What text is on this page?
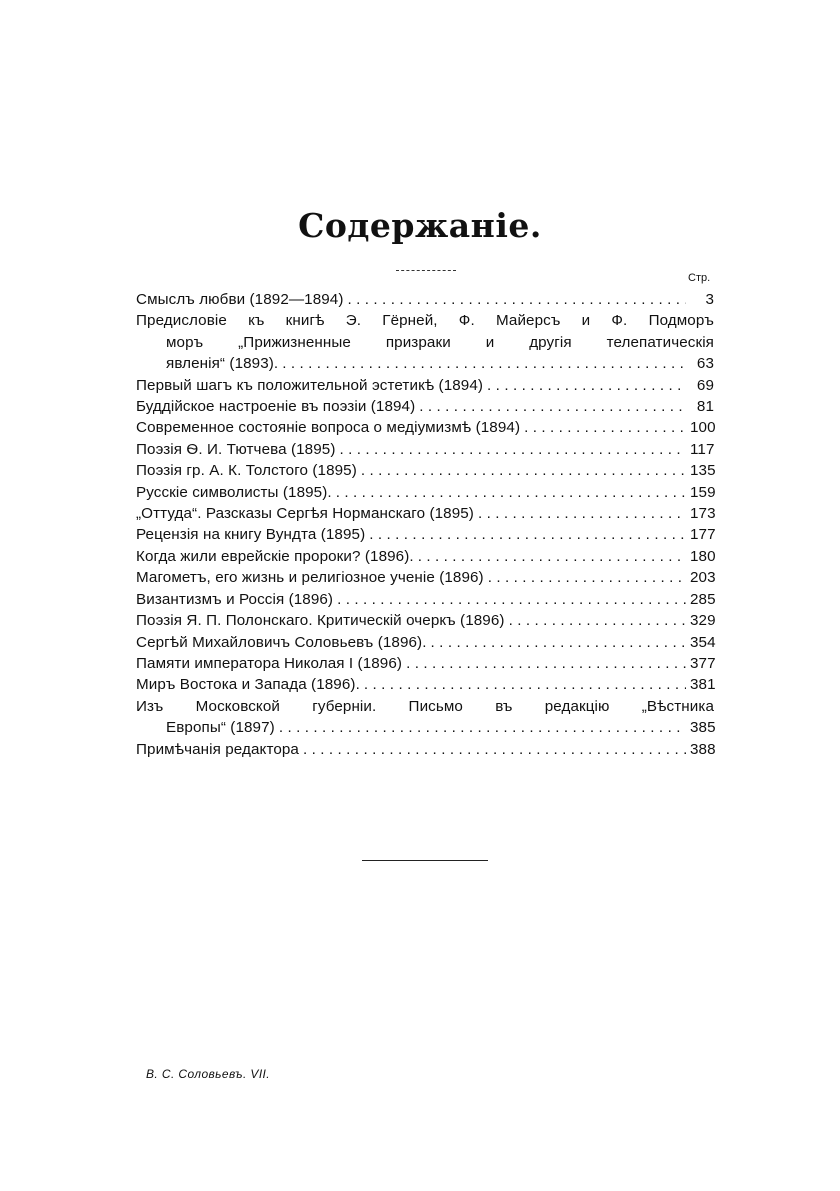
Содержаніе.
Стр.
Смыслъ любви (1892—1894) . . .	3
Предисловіе къ книгѣ Э. Гёрней, Ф. Майерсъ и Ф. Подморъ
моръ „Прижизненные призраки и другія телепатическія
явленія“ (1893). . . .	63
Первый шагъ къ положительной эстетикѣ (1894) . . .	69
Буддійское настроеніе въ поэзіи (1894) . . .	81
Современное состояніе вопроса о медіумизмѣ (1894) . . .	100
Поэзія Ѳ. И. Тютчева (1895) . . .	117
Поэзія гр. А. К. Толстого (1895) . . .	135
Русскіе символисты (1895). . . .	159
„Оттуда“. Разсказы Сергѣя Норманскаго (1895) . . .	173
Рецензія на книгу Вундта (1895) . . .	177
Когда жили еврейскіе пророки? (1896). . . .	180
Магометъ, его жизнь и религіозное ученіе (1896) . . .	203
Византизмъ и Россія (1896) . . .	285
Поэзія Я. П. Полонскаго. Критическій очеркъ (1896) . . .	329
Сергѣй Михайловичъ Соловьевъ (1896). . . .	354
Памяти императора Николая I (1896) . . .	377
Миръ Востока и Запада (1896). . . .	381
Изъ Московской губерніи. Письмо въ редакцію „Вѣстника
Европы“ (1897) . . .	385
Примѣчанія редактора . . .	388
В. С. Соловьевъ. VII.
